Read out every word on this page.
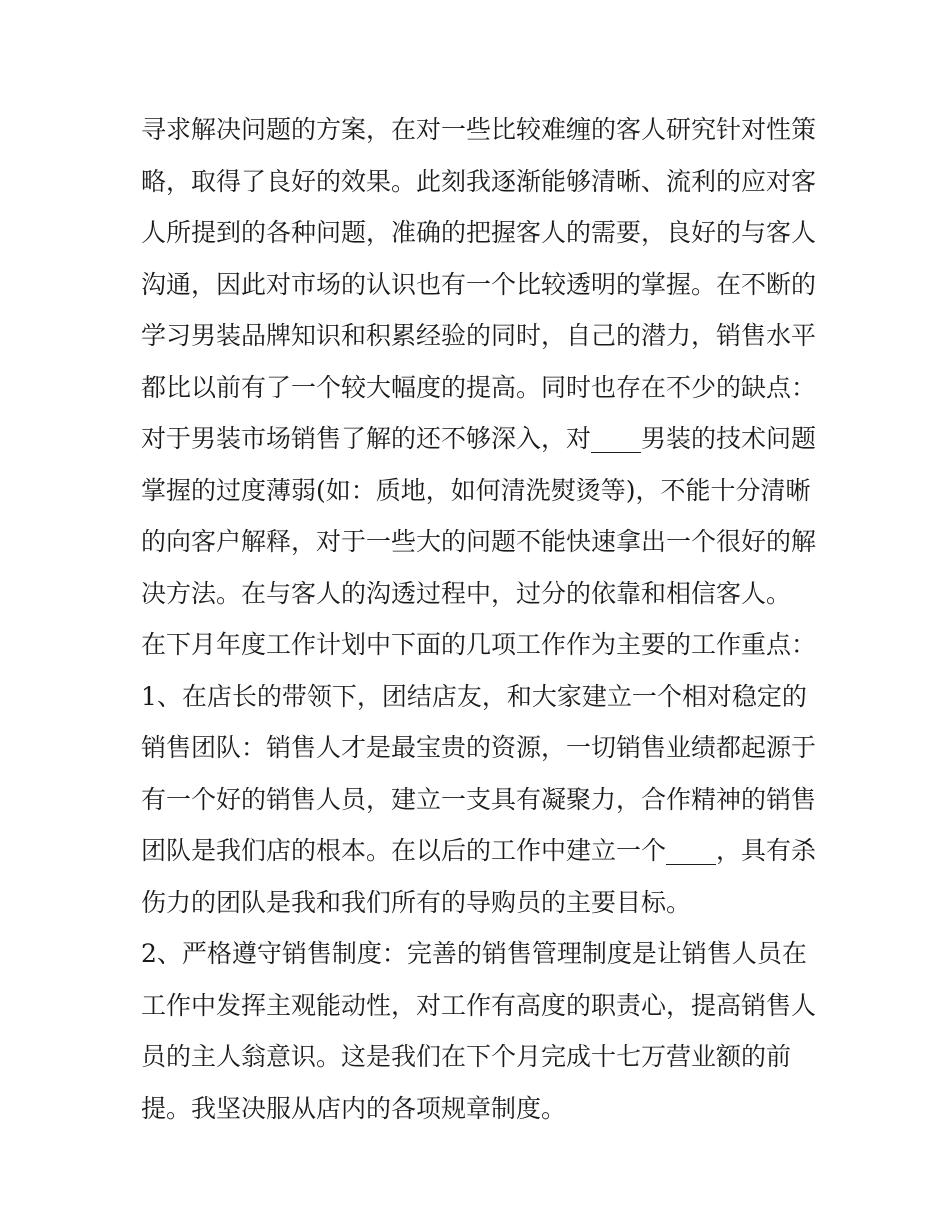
寻求解决问题的方案，在对一些比较难缠的客人研究针对性策
略，取得了良好的效果。此刻我逐渐能够清晰、流利的应对客
人所提到的各种问题，准确的把握客人的需要，良好的与客人
沟通，因此对市场的认识也有一个比较透明的掌握。在不断的
学习男装品牌知识和积累经验的同时，自己的潜力，销售水平
都比以前有了一个较大幅度的提高。同时也存在不少的缺点：
对于男装市场销售了解的还不够深入，对____男装的技术问题
掌握的过度薄弱(如：质地，如何清洗熨烫等)，不能十分清晰
的向客户解释，对于一些大的问题不能快速拿出一个很好的解
决方法。在与客人的沟透过程中，过分的依靠和相信客人。
在下月年度工作计划中下面的几项工作作为主要的工作重点：
1、在店长的带领下，团结店友，和大家建立一个相对稳定的
销售团队：销售人才是最宝贵的资源，一切销售业绩都起源于
有一个好的销售人员，建立一支具有凝聚力，合作精神的销售
团队是我们店的根本。在以后的工作中建立一个____，具有杀
伤力的团队是我和我们所有的导购员的主要目标。
2、严格遵守销售制度：完善的销售管理制度是让销售人员在
工作中发挥主观能动性，对工作有高度的职责心，提高销售人
员的主人翁意识。这是我们在下个月完成十七万营业额的前
提。我坚决服从店内的各项规章制度。
